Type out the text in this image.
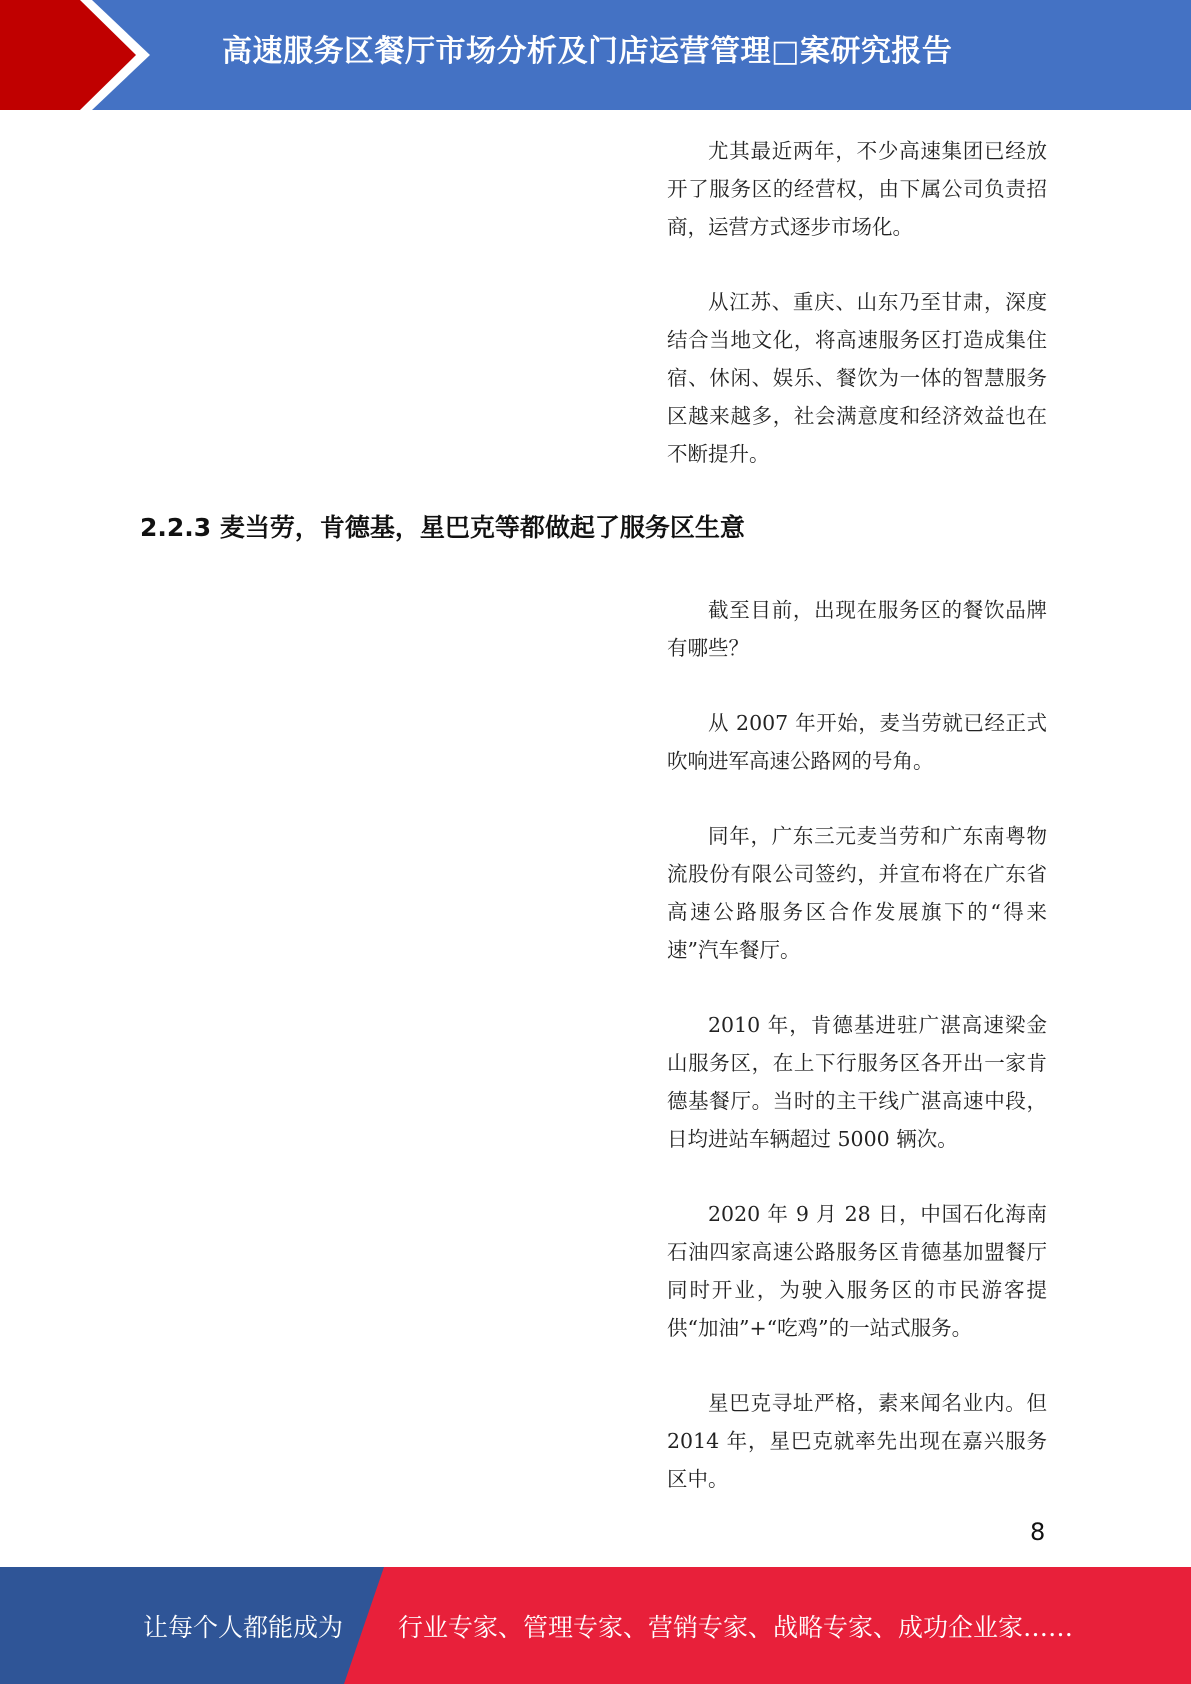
高速服务区餐厅市场分析及门店运营管理□案研究报告

尤其最近两年，不少高速集团已经放开了服务区的经营权，由下属公司负责招商，运营方式逐步市场化。

从江苏、重庆、山东乃至甘肃，深度结合当地文化，将高速服务区打造成集住宿、休闲、娱乐、餐饮为一体的智慧服务区越来越多，社会满意度和经济效益也在不断提升。

2.2.3 麦当劳，肯德基，星巴克等都做起了服务区生意

截至目前，出现在服务区的餐饮品牌有哪些？

从 2007 年开始，麦当劳就已经正式吹响进军高速公路网的号角。

同年，广东三元麦当劳和广东南粤物流股份有限公司签约，并宣布将在广东省高速公路服务区合作发展旗下的“得来速”汽车餐厅。

2010 年，肯德基进驻广湛高速梁金山服务区，在上下行服务区各开出一家肯德基餐厅。当时的主干线广湛高速中段，日均进站车辆超过 5000 辆次。

2020 年 9 月 28 日，中国石化海南石油四家高速公路服务区肯德基加盟餐厅同时开业，为驶入服务区的市民游客提供“加油”+“吃鸡”的一站式服务。

星巴克寻址严格，素来闻名业内。但 2014 年，星巴克就率先出现在嘉兴服务区中。

8
让每个人都能成为 行业专家、管理专家、营销专家、战略专家、成功企业家……
